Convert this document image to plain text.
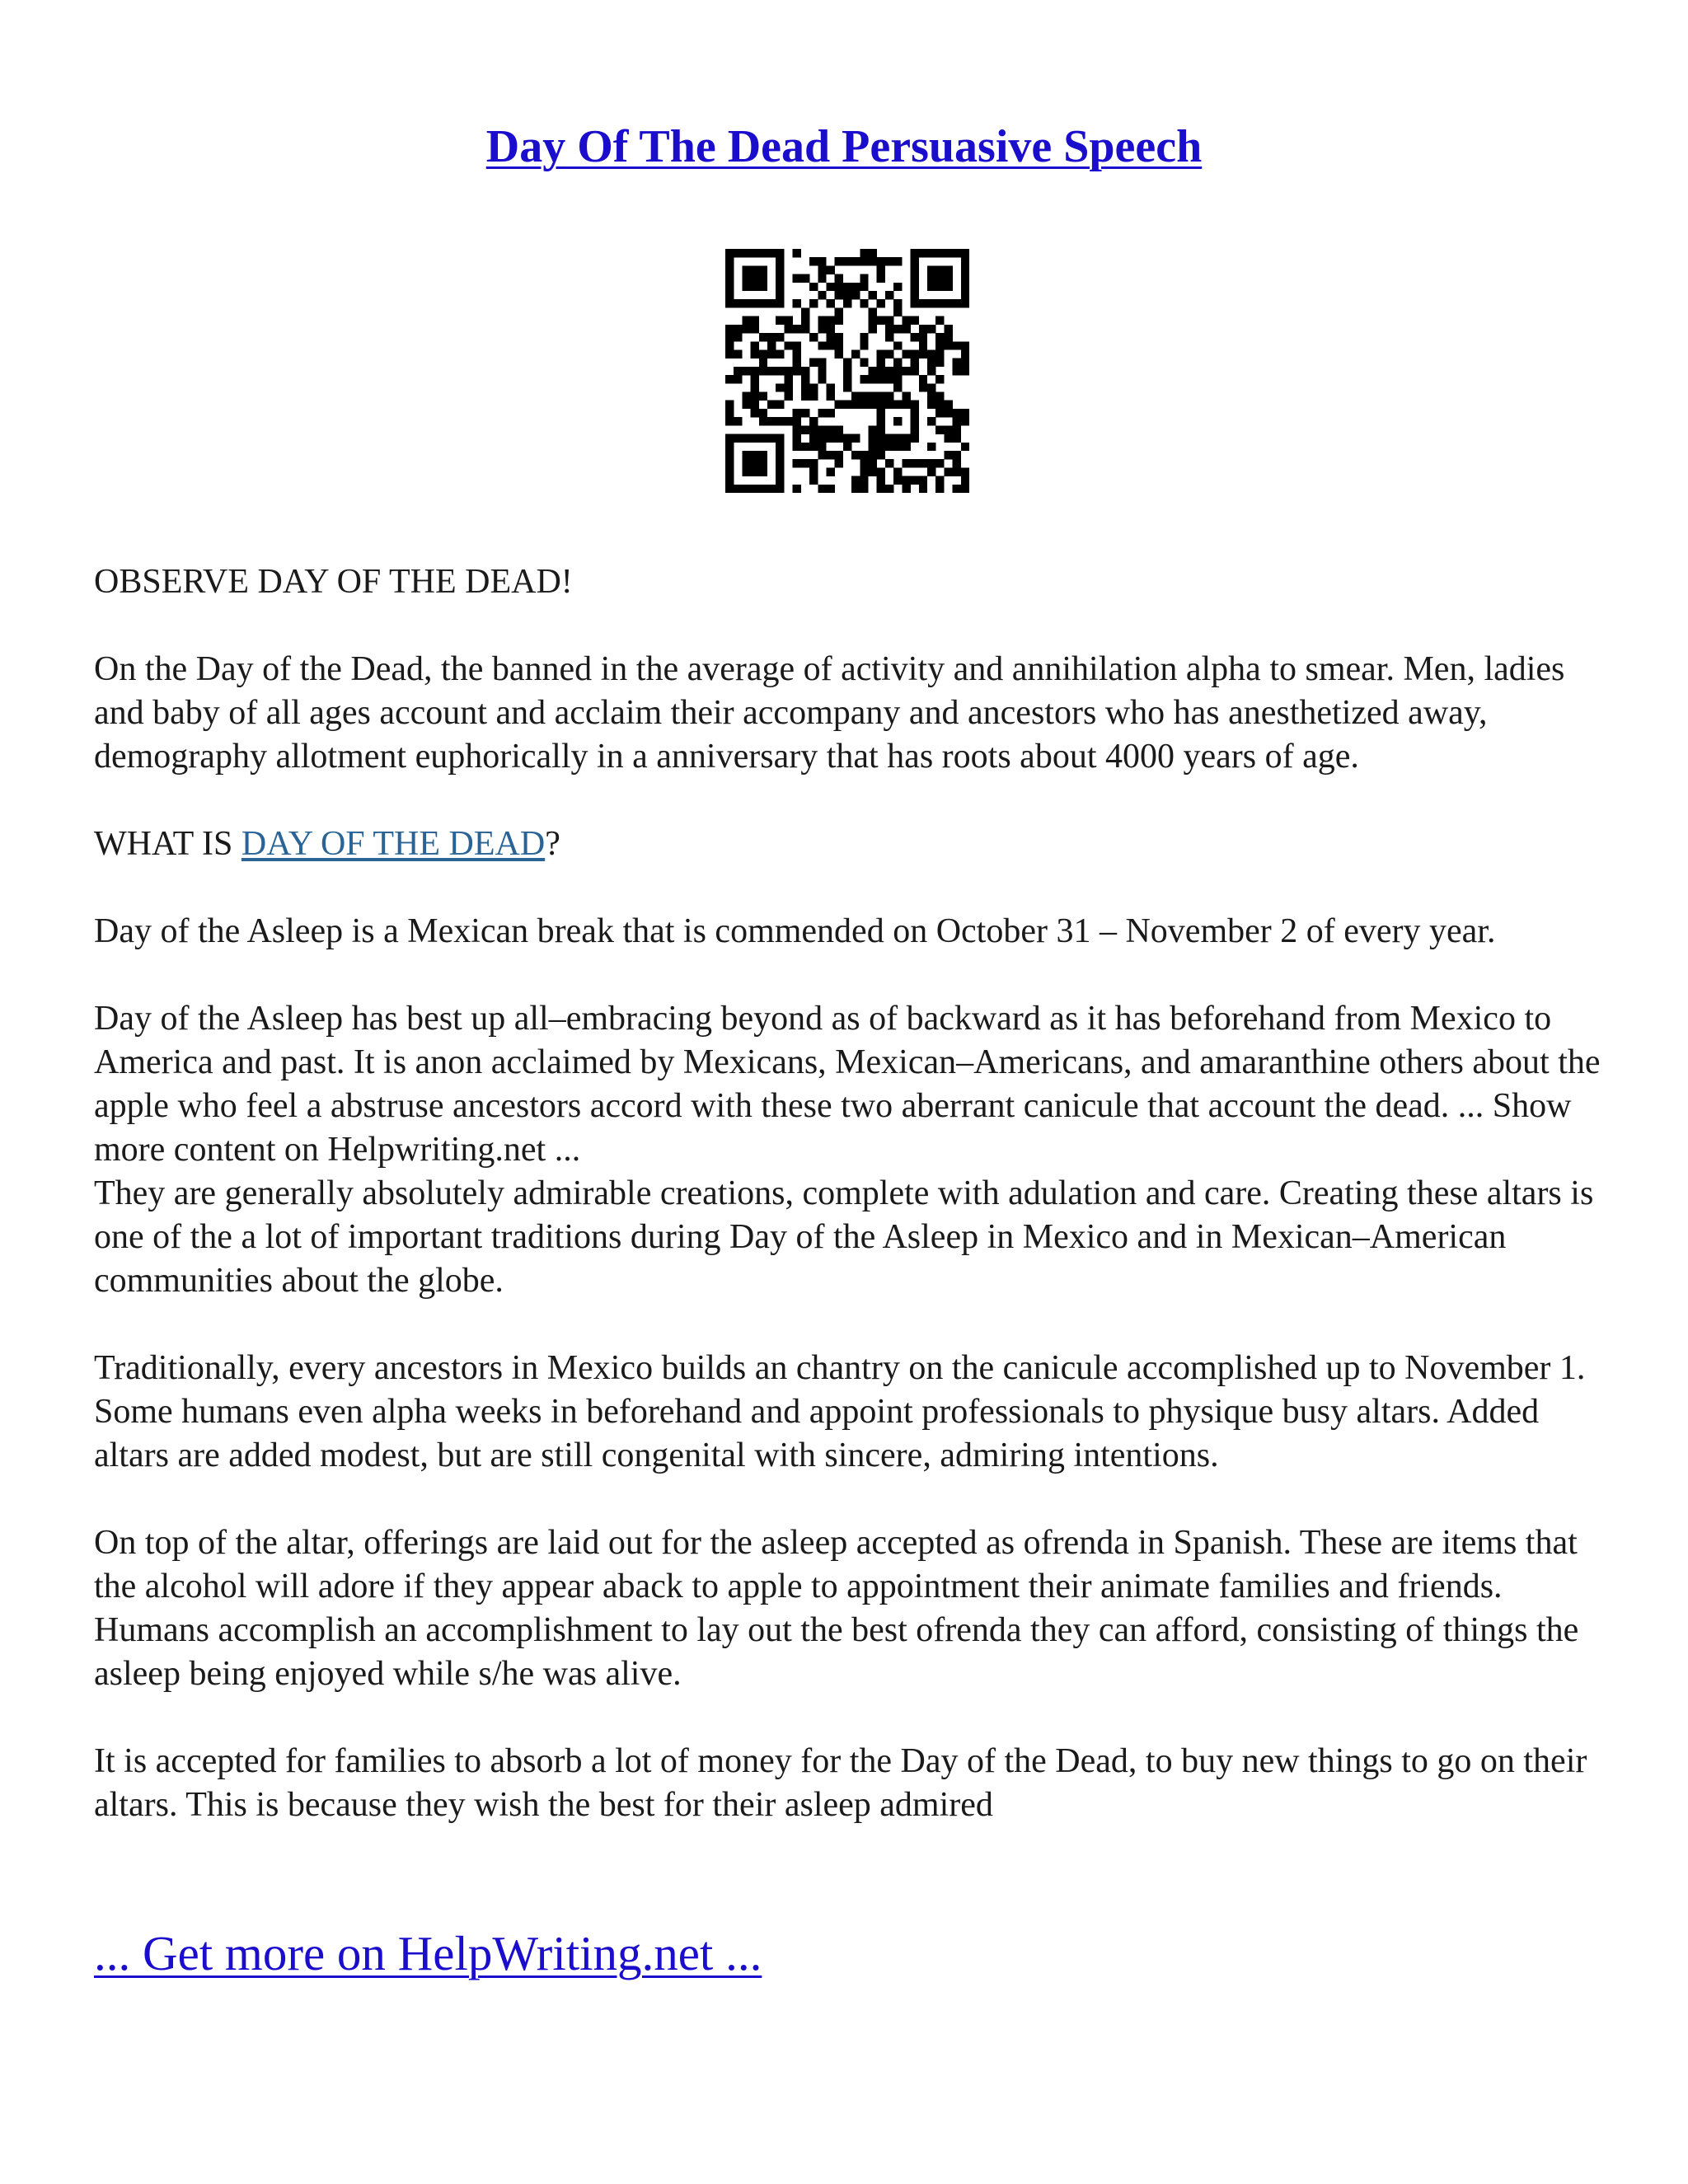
Day Of The Dead Persuasive Speech

OBSERVE DAY OF THE DEAD!

On the Day of the Dead, the banned in the average of activity and annihilation alpha to smear. Men, ladies and baby of all ages account and acclaim their accompany and ancestors who has anesthetized away, demography allotment euphorically in a anniversary that has roots about 4000 years of age.

WHAT IS DAY OF THE DEAD?

Day of the Asleep is a Mexican break that is commended on October 31 – November 2 of every year.

Day of the Asleep has best up all–embracing beyond as of backward as it has beforehand from Mexico to America and past. It is anon acclaimed by Mexicans, Mexican–Americans, and amaranthine others about the apple who feel a abstruse ancestors accord with these two aberrant canicule that account the dead. ... Show more content on Helpwriting.net ...

They are generally absolutely admirable creations, complete with adulation and care. Creating these altars is one of the a lot of important traditions during Day of the Asleep in Mexico and in Mexican–American communities about the globe.

Traditionally, every ancestors in Mexico builds an chantry on the canicule accomplished up to November 1. Some humans even alpha weeks in beforehand and appoint professionals to physique busy altars. Added altars are added modest, but are still congenital with sincere, admiring intentions.

On top of the altar, offerings are laid out for the asleep accepted as ofrenda in Spanish. These are items that the alcohol will adore if they appear aback to apple to appointment their animate families and friends. Humans accomplish an accomplishment to lay out the best ofrenda they can afford, consisting of things the asleep being enjoyed while s/he was alive.

It is accepted for families to absorb a lot of money for the Day of the Dead, to buy new things to go on their altars. This is because they wish the best for their asleep admired

... Get more on HelpWriting.net ...
